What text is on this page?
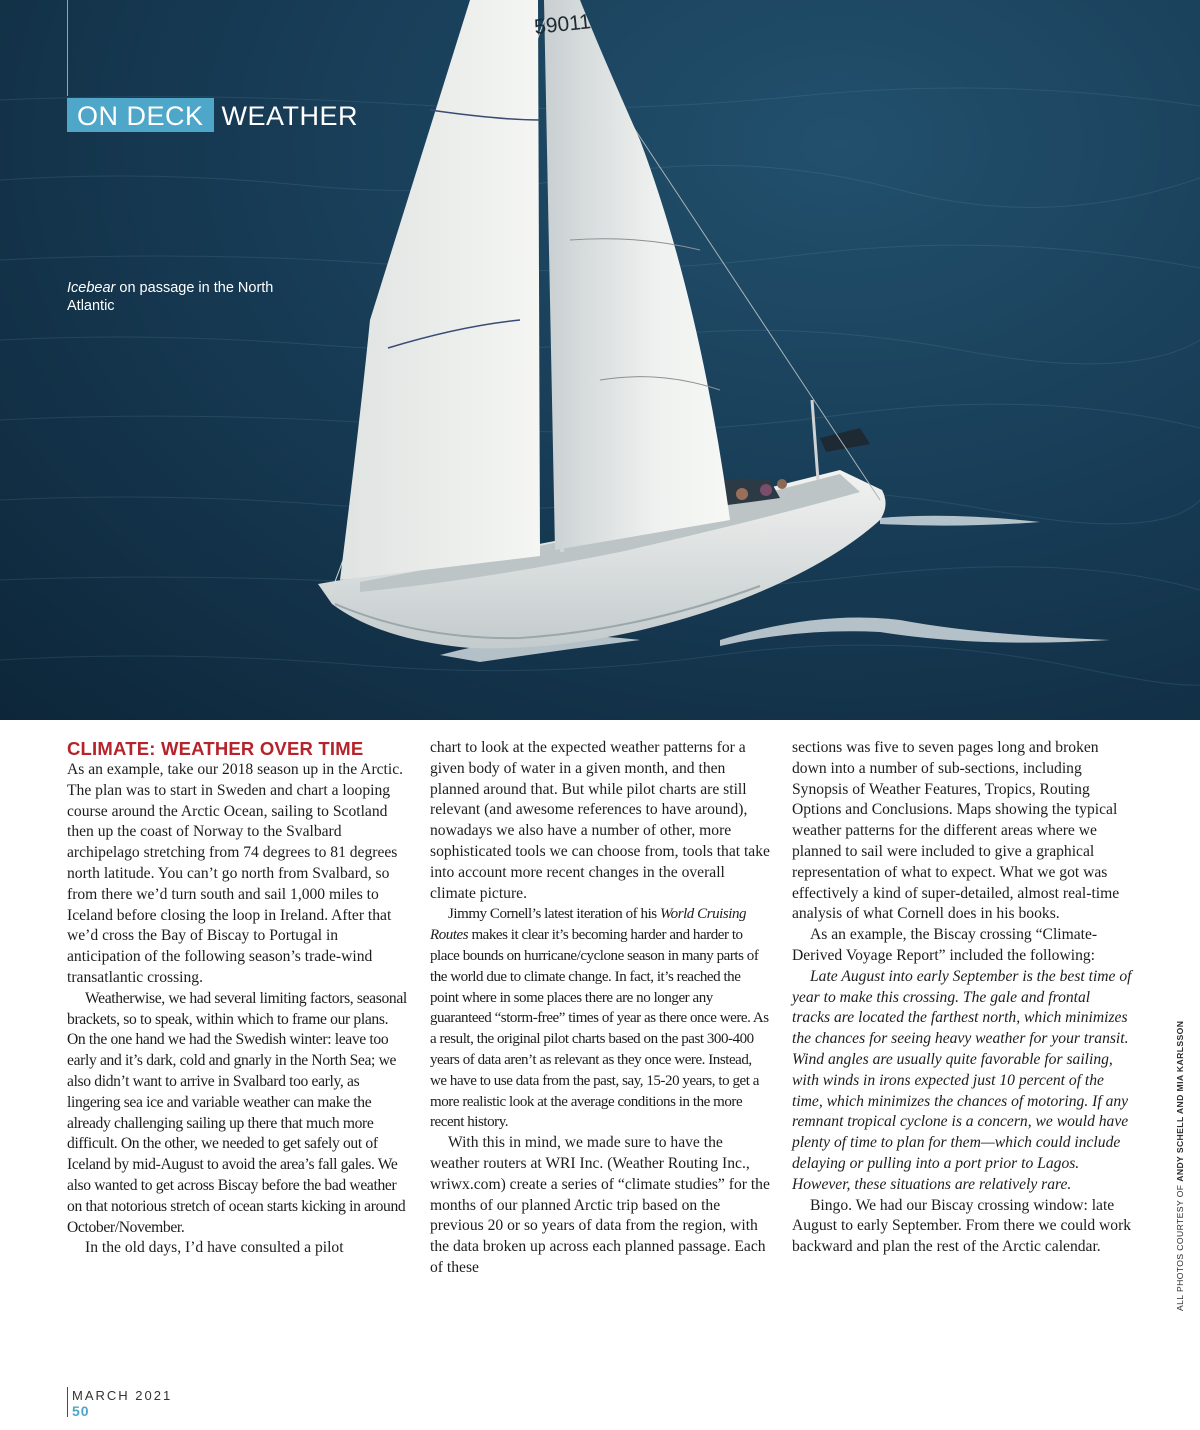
59011
ON DECK WEATHER
Icebear on passage in the North Atlantic
CLIMATE: WEATHER OVER TIME

As an example, take our 2018 season up in the Arctic. The plan was to start in Sweden and chart a looping course around the Arctic Ocean, sailing to Scotland then up the coast of Norway to the Svalbard archipelago stretching from 74 degrees to 81 degrees north latitude. You can’t go north from Svalbard, so from there we’d turn south and sail 1,000 miles to Iceland before closing the loop in Ireland. After that we’d cross the Bay of Biscay to Portugal in anticipation of the following season’s trade-wind transatlantic crossing.

Weatherwise, we had several limiting factors, seasonal brackets, so to speak, within which to frame our plans. On the one hand we had the Swedish winter: leave too early and it’s dark, cold and gnarly in the North Sea; we also didn’t want to arrive in Svalbard too early, as lingering sea ice and variable weather can make the already challenging sailing up there that much more difficult. On the other, we needed to get safely out of Iceland by mid-August to avoid the area’s fall gales. We also wanted to get across Biscay before the bad weather on that notorious stretch of ocean starts kicking in around October/November.

In the old days, I’d have consulted a pilot

chart to look at the expected weather patterns for a given body of water in a given month, and then planned around that. But while pilot charts are still relevant (and awesome references to have around), nowadays we also have a number of other, more sophisticated tools we can choose from, tools that take into account more recent changes in the overall climate picture.

Jimmy Cornell’s latest iteration of his World Cruising Routes makes it clear it’s becoming harder and harder to place bounds on hurricane/cyclone season in many parts of the world due to climate change. In fact, it’s reached the point where in some places there are no longer any guaranteed “storm-free” times of year as there once were. As a result, the original pilot charts based on the past 300-400 years of data aren’t as relevant as they once were. Instead, we have to use data from the past, say, 15-20 years, to get a more realistic look at the average conditions in the more recent history.

With this in mind, we made sure to have the weather routers at WRI Inc. (Weather Routing Inc., wriwx.com) create a series of “climate studies” for the months of our planned Arctic trip based on the previous 20 or so years of data from the region, with the data broken up across each planned passage. Each of these

sections was five to seven pages long and broken down into a number of sub-sections, including Synopsis of Weather Features, Tropics, Routing Options and Conclusions. Maps showing the typical weather patterns for the different areas where we planned to sail were included to give a graphical representation of what to expect. What we got was effectively a kind of super-detailed, almost real-time analysis of what Cornell does in his books.

As an example, the Biscay crossing “Climate-Derived Voyage Report” included the following:

Late August into early September is the best time of year to make this crossing. The gale and frontal tracks are located the farthest north, which minimizes the chances for seeing heavy weather for your transit. Wind angles are usually quite favorable for sailing, with winds in irons expected just 10 percent of the time, which minimizes the chances of motoring. If any remnant tropical cyclone is a concern, we would have plenty of time to plan for them—which could include delaying or pulling into a port prior to Lagos. However, these situations are relatively rare.

Bingo. We had our Biscay crossing window: late August to early September. From there we could work backward and plan the rest of the Arctic calendar.	ALL PHOTOS COURTESY OF ANDY SCHELL AND MIA KARLSSON
MARCH 2021
50
